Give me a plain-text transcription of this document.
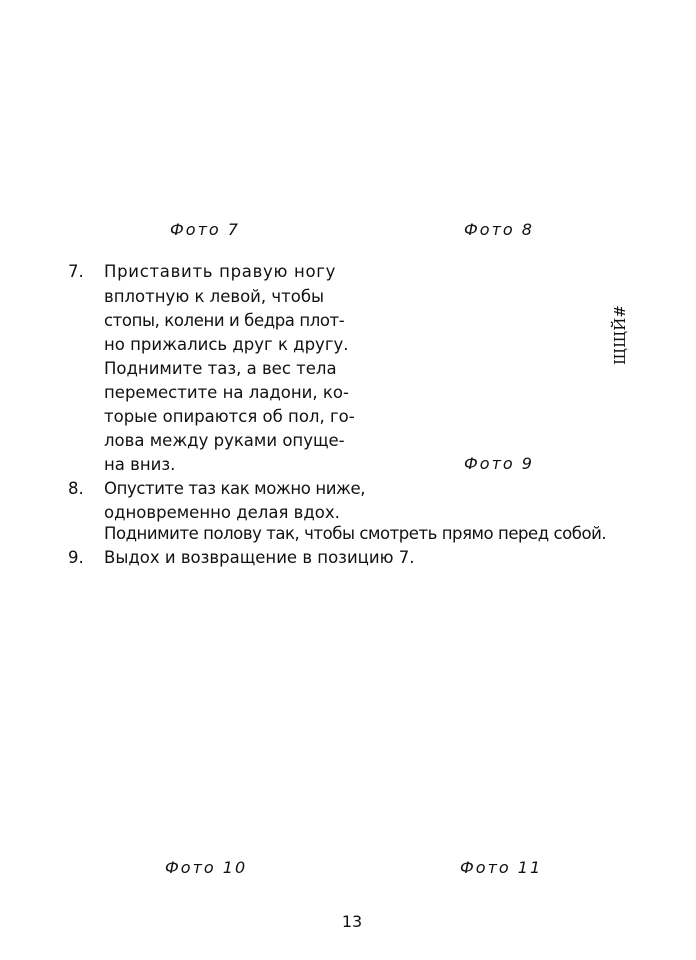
Фото 7	Фото 8
Фото 9
Фото 10	Фото 11
7. Приставить правую ногу
вплотную к левой, чтобы
стопы, колени и бедра плот-
но прижались друг к другу.
Поднимите таз, а вес тела
переместите на ладони, ко-
торые опираются об пол, го-
лова между руками опуще-
на вниз.
8. Опустите таз как можно ниже,
одновременно делая вдох.
Поднимите полову так, чтобы смотреть прямо перед собой.
9. Выдох и возвращение в позицию 7.
ЩЩЙ#
13
